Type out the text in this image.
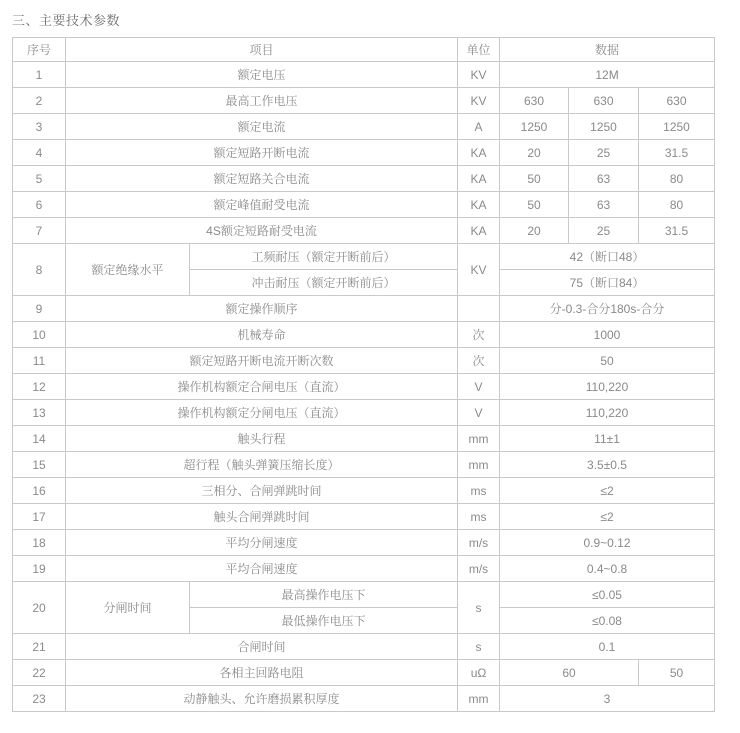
三、主要技术参数
序号	项目		单位	数据		
1	额定电压		KV	12M		
2	最高工作电压		KV	630	630	630
3	额定电流		A	1250	1250	1250
4	额定短路开断电流		KA	20	25	31.5
5	额定短路关合电流		KA	50	63	80
6	额定峰值耐受电流		KA	50	63	80
7	4S额定短路耐受电流		KA	20	25	31.5
8	额定绝缘水平	工频耐压（额定开断前后）	KV	42（断口48）		
		冲击耐压（额定开断前后）		75（断口84）		
9	额定操作顺序			分-0.3-合分180s-合分		
10	机械寿命		次	1000		
11	额定短路开断电流开断次数		次	50		
12	操作机构额定合闸电压（直流）		V	110,220		
13	操作机构额定分闸电压（直流）		V	110,220		
14	触头行程		mm	11±1		
15	超行程（触头弹簧压缩长度）		mm	3.5±0.5		
16	三相分、合闸弹跳时间		ms	≤2		
17	触头合闸弹跳时间		ms	≤2		
18	平均分闸速度		m/s	0.9~0.12		
19	平均合闸速度		m/s	0.4~0.8		
20	分闸时间	最高操作电压下	s	≤0.05		
		最低操作电压下		≤0.08		
21	合闸时间		s	0.1		
22	各相主回路电阻		uΩ	60		50
23	动静触头、允许磨损累积厚度		mm	3		
